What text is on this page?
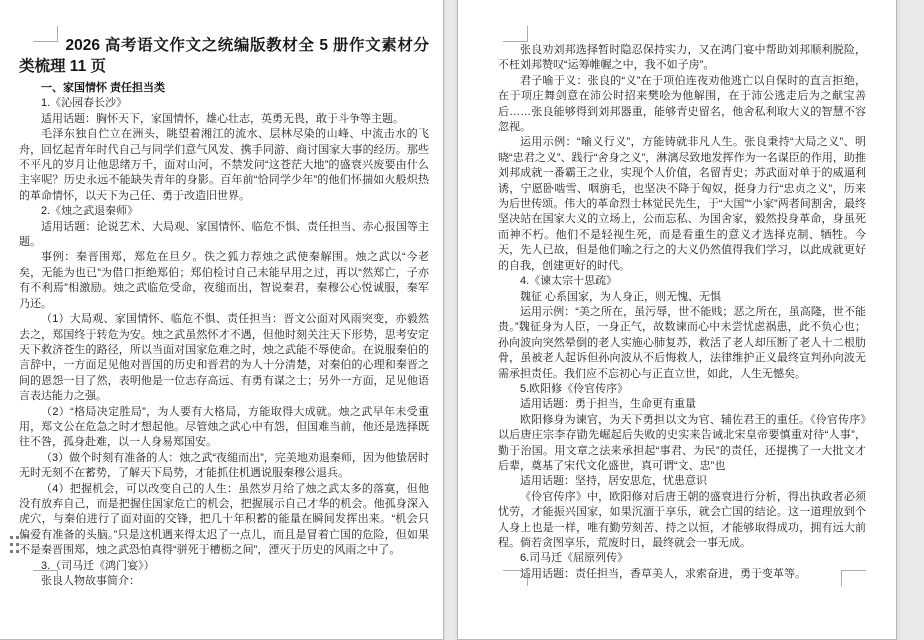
2026 高考语文作文之统编版教材全 5 册作文素材分类梳理 11 页

一、家国情怀 责任担当类

1.《沁园春长沙》

适用话题：胸怀天下，家国情怀，雄心壮志，英勇无畏，敢于斗争等主题。

毛泽东独自伫立在洲头，眺望着湘江的流水、层林尽染的山峰、中流击水的飞舟，回忆起青年时代自己与同学们意气风发、携手同游、商讨国家大事的经历。那些不平凡的岁月让他思绪万千，面对山河，不禁发问“这苍茫大地”的盛衰兴废要由什么主宰呢？历史永远不能缺失青年的身影。百年前“恰同学少年”的他们怀揣如火般炽热的革命情怀，以天下为己任、勇于改造旧世界。

2.《烛之武退秦师》

适用话题：论说艺术、大局观、家国情怀、临危不惧、责任担当、赤心报国等主题。

事例：秦晋围郑，郑危在旦夕。佚之狐力荐烛之武使秦解围。烛之武以“今老矣，无能为也已”为借口拒绝郑伯；郑伯检讨自己未能早用之过，再以“然郑亡，子亦有不利焉”相激励。烛之武临危受命，夜缒而出，智说秦君，秦穆公心悦诚服，秦军乃还。

（1）大局观、家国情怀、临危不惧、责任担当：晋文公面对风雨突变，亦毅然去之，郑国终于转危为安。烛之武虽然怀才不遇，但他时刻关注天下形势，思考安定天下救济苍生的路径，所以当面对国家危难之时，烛之武能不辱使命。在说服秦伯的言辞中，一方面足见他对晋国的历史和晋君的为人十分清楚，对秦伯的心理和秦晋之间的恩怨一目了然，表明他是一位志存高远、有勇有谋之士；另外一方面，足见他语言表达能力之强。

（2）“格局决定胜局”，为人要有大格局，方能取得大成就。烛之武早年未受重用，郑文公在危急之时才想起他。尽管烛之武心中有怨，但国难当前，他还是选择既往不咎，孤身赴难，以一人身易郑国安。

（3）做个时刻有准备的人：烛之武“夜缒而出”，完美地劝退秦师，因为他蛰居时无时无刻不在蓄势，了解天下局势，才能抓住机遇说服秦穆公退兵。

（4）把握机会，可以改变自己的人生：虽然岁月给了烛之武太多的落寞，但他没有放弃自己，而是把握住国家危亡的机会，把握展示自己才华的机会。他孤身深入虎穴，与秦伯进行了面对面的交锋，把几十年积蓄的能量在瞬间发挥出来。“机会只偏爱有准备的头脑。”只是这机遇来得太迟了一点儿，而且是冒着亡国的危险，但如果不是秦晋围郑，烛之武恐怕真得“骈死于槽枥之间”，湮灭于历史的风雨之中了。

3.（司马迁《鸿门宴》）

张良人物故事简介：

张良劝刘邦选择暂时隐忍保持实力，又在鸿门宴中帮助刘邦顺利脱险，不枉刘邦赞叹“运筹帷幄之中，我不如子房”。

君子喻于义：张良的“义”在于项伯连夜劝他逃亡以自保时的直言拒绝，在于项庄舞剑意在沛公时招来樊哙为他解围，在于沛公逃走后为之献宝善后……张良能够得到刘邦器重，能够青史留名，他舍私利取大义的智慧不容忽视。

运用示例：“喻义行义”，方能铸就非凡人生。张良秉持“大局之义”、明晓“忠君之义”、践行“舍身之义”，淋漓尽致地发挥作为一名谋臣的作用，助推刘邦成就一番霸王之业，实现个人价值，名留青史；苏武面对单于的威逼利诱，宁愿卧啮雪、咽旃毛，也坚决不降于匈奴，挺身力行“忠贞之义”，历来为后世传颂。伟大的革命烈士林觉民先生，于“大国”“小家”两者间割舍，最终坚决站在国家大义的立场上，公而忘私、为国舍家，毅然投身革命，身虽死而神不朽。他们不是轻视生死，而是看重生的意义才选择克制、牺牲。今天，先人已故，但是他们喻之行之的大义仍然值得我们学习，以此成就更好的自我，创建更好的时代。

4.《谏太宗十思疏》

魏征 心系国家，为人身正，则无愧、无惧

运用示例：“美之所在，虽污辱，世不能贱；恶之所在，虽高隆，世不能贵。”魏征身为人臣，一身正气，故数谏而心中未尝忧虑祸患，此不负心也；孙向波向突然晕倒的老人实施心肺复苏，救活了老人却压断了老人十二根肋骨，虽被老人起诉但孙向波从不后悔救人，法律维护正义最终宣判孙向波无需承担责任。我们应不忘初心与正直立世，如此，人生无憾矣。

5.欧阳修《伶官传序》

适用话题：勇于担当，生命更有重量

欧阳修身为谏官，为天下勇担以文为官、辅佐君王的重任。《伶官传序》以后唐庄宗李存勖先崛起后失败的史实来告诫北宋皇帝要慎重对待“人事”，勤于治国。用文章之法来承担起“事君、为民”的责任，还提携了一大批文才后辈，奠基了宋代文化盛世，真可谓“文、忠”也

适用话题：坚持，居安思危，忧患意识

《伶官传序》中，欧阳修对后唐王朝的盛衰进行分析，得出执政者必须忧劳，才能振兴国家，如果沉湎于享乐，就会亡国的结论。这一道理放到个人身上也是一样，唯有勤劳刻苦、持之以恒，才能够取得成功，拥有远大前程。倘若贪图享乐，荒废时日，最终就会一事无成。

6.司马迁《屈原列传》

适用话题：责任担当，香草美人，求索奋进，勇于变革等。
